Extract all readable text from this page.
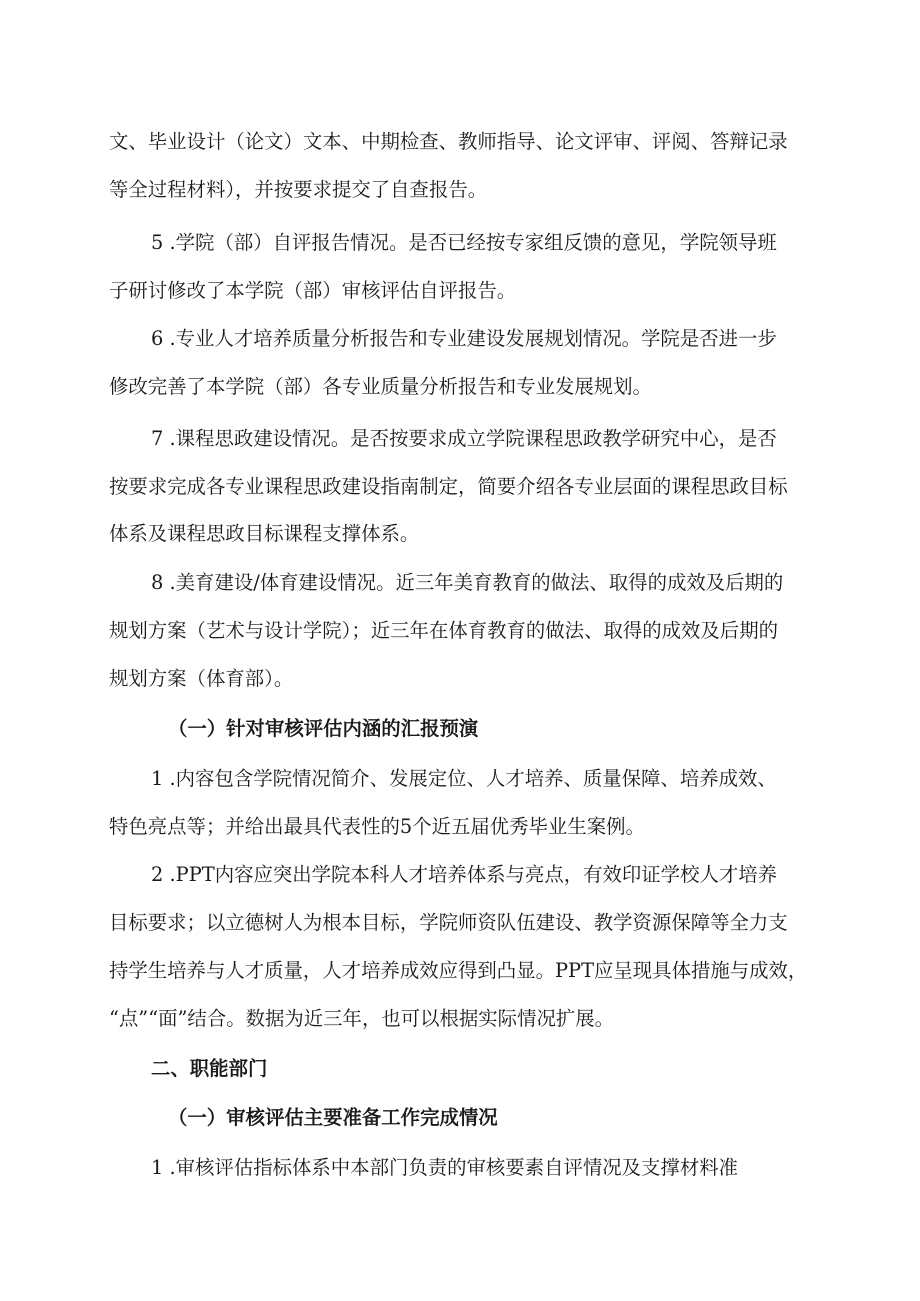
文、毕业设计（论文）文本、中期检查、教师指导、论文评审、评阅、答辩记录
等全过程材料），并按要求提交了自查报告。
5 .学院（部）自评报告情况。是否已经按专家组反馈的意见，学院领导班
子研讨修改了本学院（部）审核评估自评报告。
6 .专业人才培养质量分析报告和专业建设发展规划情况。学院是否进一步
修改完善了本学院（部）各专业质量分析报告和专业发展规划。
7 .课程思政建设情况。是否按要求成立学院课程思政教学研究中心，是否
按要求完成各专业课程思政建设指南制定，简要介绍各专业层面的课程思政目标
体系及课程思政目标课程支撑体系。
8 .美育建设/体育建设情况。近三年美育教育的做法、取得的成效及后期的
规划方案（艺术与设计学院）；近三年在体育教育的做法、取得的成效及后期的
规划方案（体育部）。
（一）针对审核评估内涵的汇报预演
1 .内容包含学院情况简介、发展定位、人才培养、质量保障、培养成效、
特色亮点等；并给出最具代表性的5个近五届优秀毕业生案例。
2 .PPT内容应突出学院本科人才培养体系与亮点，有效印证学校人才培养
目标要求；以立德树人为根本目标，学院师资队伍建设、教学资源保障等全力支
持学生培养与人才质量，人才培养成效应得到凸显。PPT应呈现具体措施与成效，
“点”“面”结合。数据为近三年，也可以根据实际情况扩展。
二、职能部门
（一）审核评估主要准备工作完成情况
1 .审核评估指标体系中本部门负责的审核要素自评情况及支撑材料准
